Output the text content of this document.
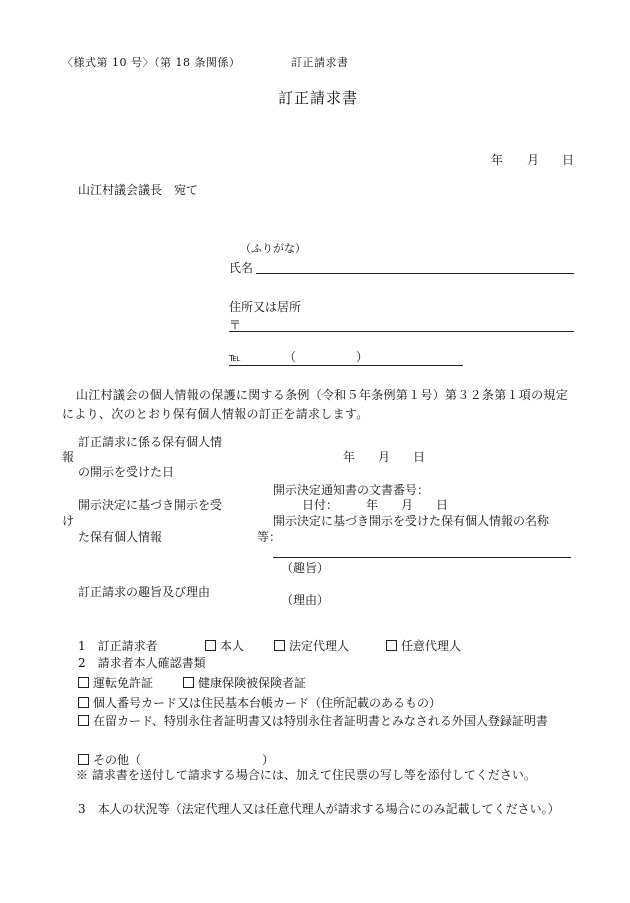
〈様式第 10 号〉（第 18 条関係）	訂正請求書
訂正請求書
年 月 日
山江村議会議長　宛て
（ふりがな）
氏名
住所又は居所
〒
℡	（　　　　　）
山江村議会の個人情報の保護に関する条例（令和５年条例第１号）第３２条第１項の規定により、次のとおり保有個人情報の訂正を請求します。
訂正請求に係る保有個人情
報
の開示を受けた日
年 月 日
開示決定に基づき開示を受
け
た保有個人情報
開示決定通知書の文書番号：
日付： 年 月 日
開示決定に基づき開示を受けた保有個人情報の名称
等：
（趣旨）
訂正請求の趣旨及び理由
（理由）
1　訂正請求者	本人	法定代理人	任意代理人
2　請求者本人確認書類
運転免許証	健康保険被保険者証
個人番号カード又は住民基本台帳カード（住所記載のあるもの）
在留カード、特別永住者証明書又は特別永住者証明書とみなされる外国人登録証明書
その他（	）
※ 請求書を送付して請求する場合には、加えて住民票の写し等を添付してください。
3　本人の状況等（法定代理人又は任意代理人が請求する場合にのみ記載してください。）
